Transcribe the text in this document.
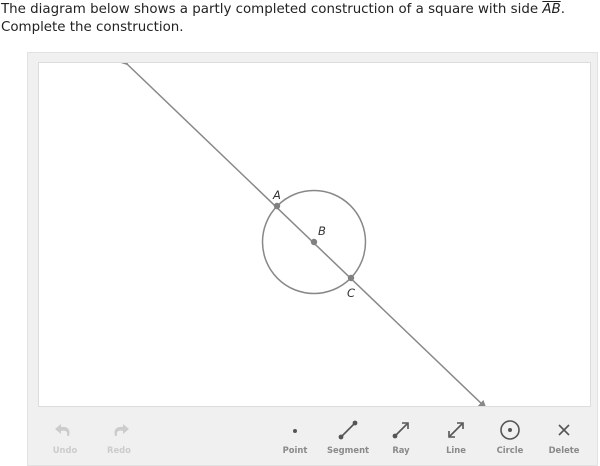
The diagram below shows a partly completed construction of a square with side $\overline{AB}$.
Complete the construction.
A
B
C
Undo	Redo	Point	Segment	Ray	Line	Circle	Delete
